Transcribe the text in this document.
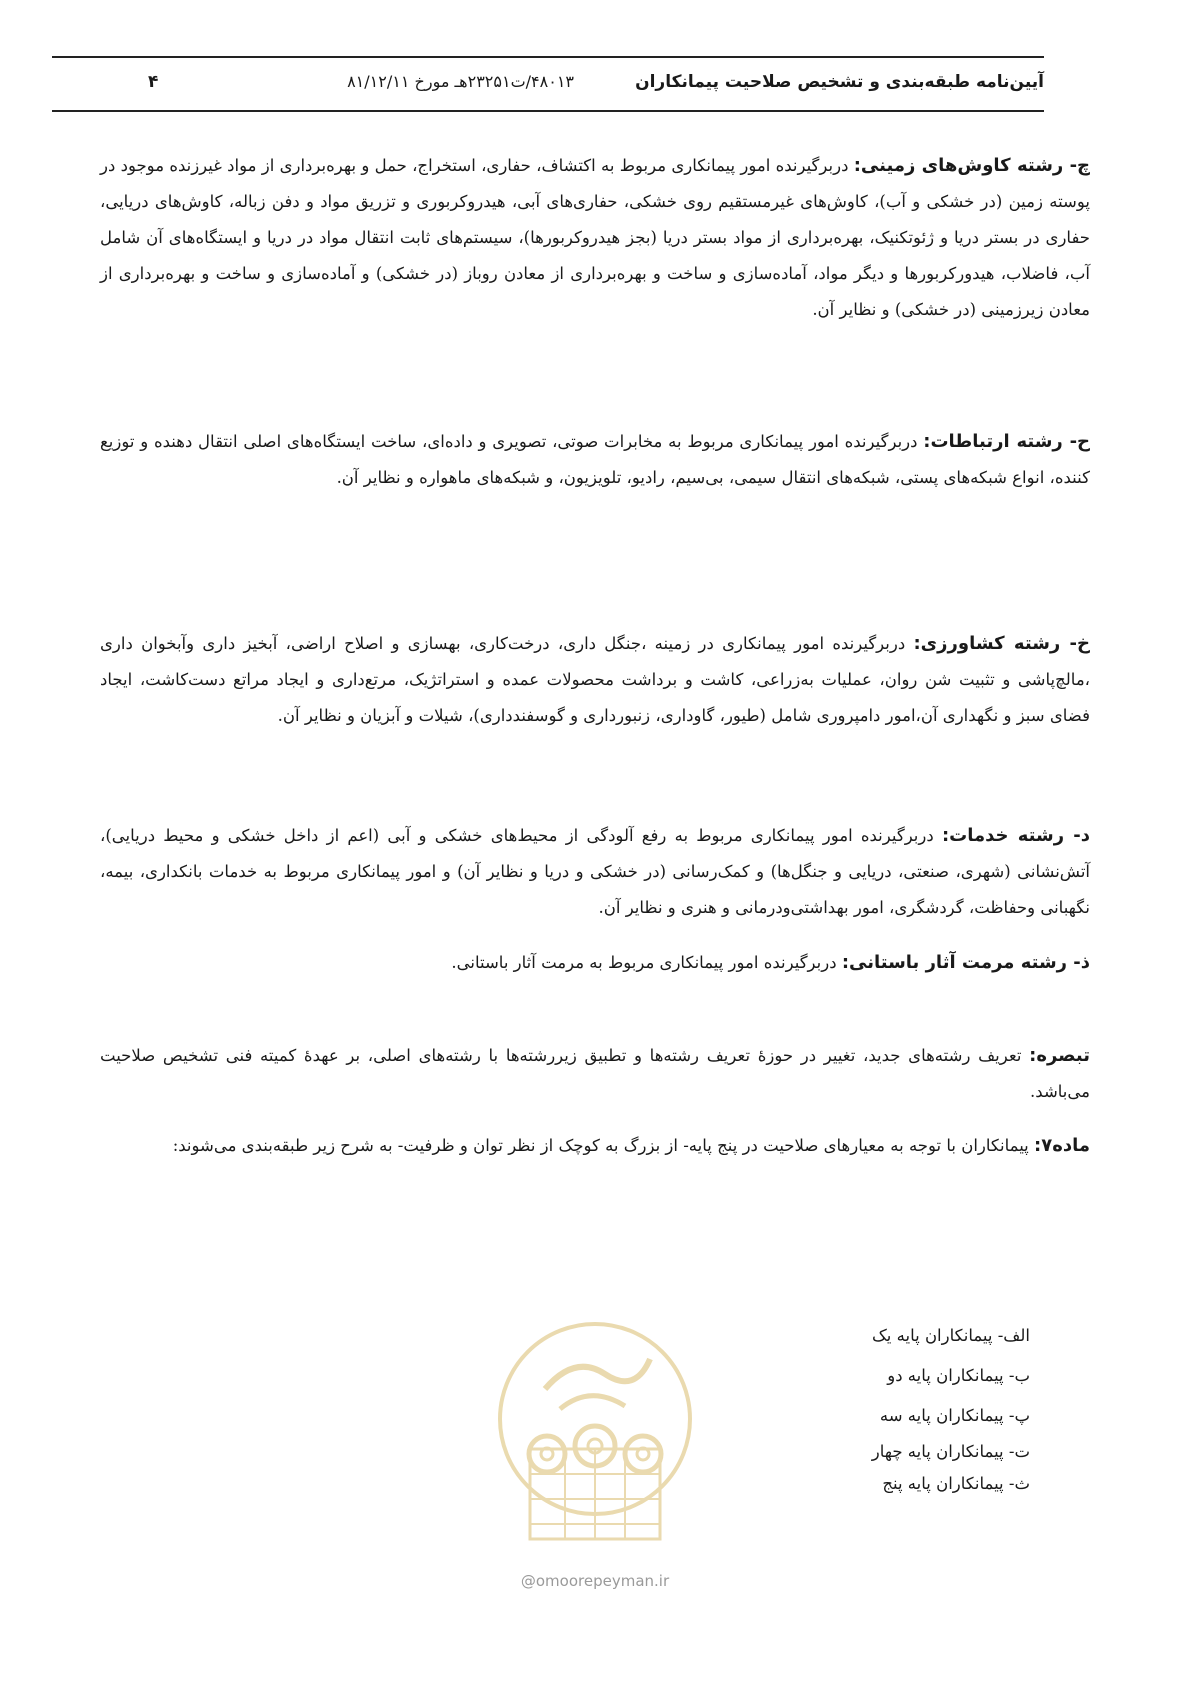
آیین‌نامه طبقه‌بندی و تشخیص صلاحیت پیمانکاران
۴۸۰۱۳/ت۲۳۲۵۱هـ مورخ ۸۱/۱۲/۱۱
۴
چ- رشته کاوش‌های زمینی: دربرگیرنده امور پیمانکاری مربوط به اکتشاف، حفاری، استخراج، حمل و بهره‌برداری از مواد غیرزنده موجود در پوسته زمین (در خشکی و آب)، کاوش‌های غیرمستقیم روی خشکی، حفاری‌های آبی، هیدروکربوری و تزریق مواد و دفن زباله، کاوش‌های دریایی، حفاری در بستر دریا و ژئوتکنیک، بهره‌برداری از مواد بستر دریا (بجز هیدروکربورها)، سیستم‌های ثابت انتقال مواد در دریا و ایستگاه‌های آن شامل آب، فاضلاب، هیدورکربورها و دیگر مواد، آماده‌سازی و ساخت و بهره‌برداری از معادن روباز (در خشکی) و آماده‌سازی و ساخت و بهره‌برداری از معادن زیرزمینی (در خشکی) و نظایر آن.
ح- رشته ارتباطات: دربرگیرنده امور پیمانکاری مربوط به مخابرات صوتی، تصویری و داده‌ای، ساخت ایستگاه‌های اصلی انتقال دهنده و توزیع کننده، انواع شبکه‌های پستی، شبکه‌های انتقال سیمی، بی‌سیم، رادیو، تلویزیون، و شبکه‌های ماهواره و نظایر آن.
خ- رشته کشاورزی: دربرگیرنده امور پیمانکاری در زمینه ،جنگل داری، درخت‌کاری، بهسازی و اصلاح اراضی، آبخیز داری وآبخوان داری ،مالچ‌پاشی و تثبیت شن روان، عملیات به‌زراعی، کاشت و برداشت محصولات عمده و استراتژیک، مرتع‌داری و ایجاد مراتع دست‌کاشت، ایجاد فضای سبز و نگهداری آن،امور دامپروری شامل (طیور، گاوداری، زنبورداری و گوسفندداری)، شیلات و آبزیان و نظایر آن.
د- رشته خدمات: دربرگیرنده امور پیمانکاری مربوط به رفع آلودگی از محیط‌های خشکی و آبی (اعم از داخل خشکی و محیط دریایی)، آتش‌نشانی (شهری، صنعتی، دریایی و جنگل‌ها) و کمک‌رسانی (در خشکی و دریا و نظایر آن) و امور پیمانکاری مربوط به خدمات بانکداری، بیمه، نگهبانی وحفاظت، گردشگری، امور بهداشتی‌ودرمانی و هنری و نظایر آن.
ذ- رشته مرمت آثار باستانی: دربرگیرنده امور پیمانکاری مربوط به مرمت آثار باستانی.
تبصره: تعریف رشته‌های جدید، تغییر در حوزهٔ تعریف رشته‌ها و تطبیق زیررشته‌ها با رشته‌های اصلی، بر عهدهٔ کمیته فنی تشخیص صلاحیت می‌باشد.
ماده۷: پیمانکاران با توجه به معیارهای صلاحیت در پنج پایه- از بزرگ به کوچک از نظر توان و ظرفیت- به شرح زیر طبقه‌بندی می‌شوند:
الف- پیمانکاران پایه یک
ب- پیمانکاران پایه دو
پ- پیمانکاران پایه سه
ت- پیمانکاران پایه چهار
ث- پیمانکاران پایه پنج
@omoorepeyman.ir
